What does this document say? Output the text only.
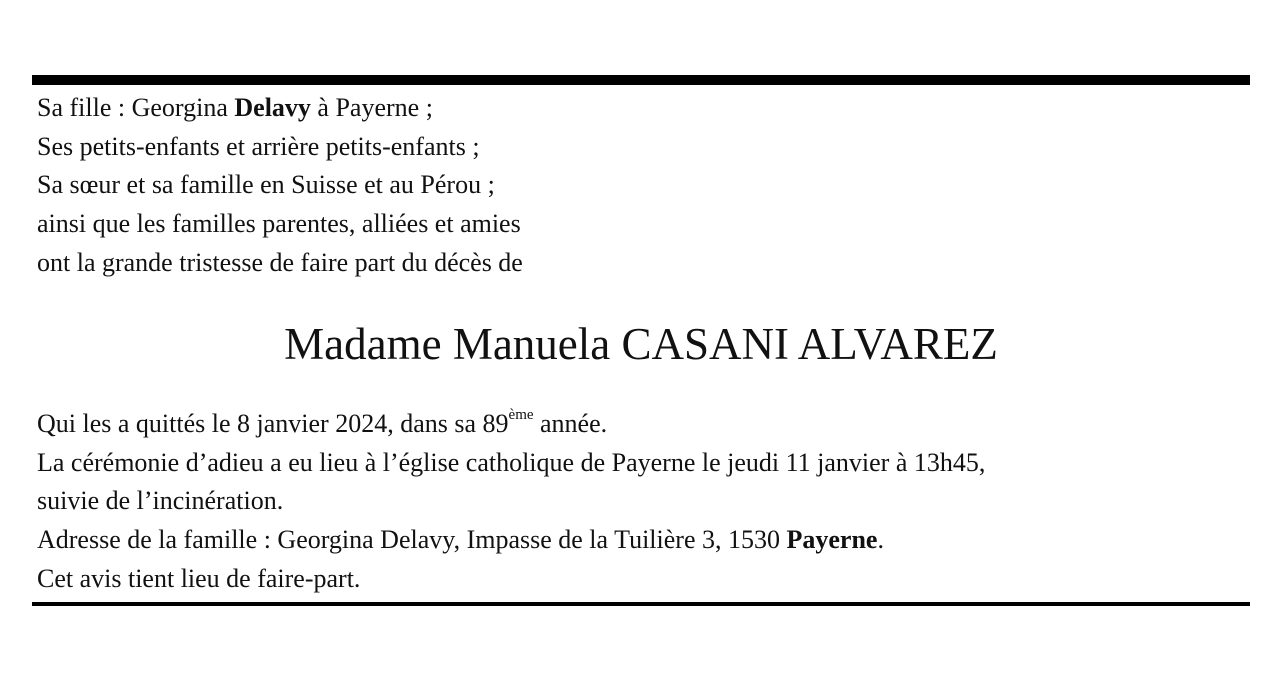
Sa fille : Georgina Delavy à Payerne ;
Ses petits-enfants et arrière petits-enfants ;
Sa sœur et sa famille en Suisse et au Pérou ;
ainsi que les familles parentes, alliées et amies
ont la grande tristesse de faire part du décès de
Madame Manuela CASANI ALVAREZ
Qui les a quittés le 8 janvier 2024, dans sa 89ème année.
La cérémonie d’adieu a eu lieu à l’église catholique de Payerne le jeudi 11 janvier à 13h45,
suivie de l’incinération.
Adresse de la famille : Georgina Delavy, Impasse de la Tuilière 3, 1530 Payerne.
Cet avis tient lieu de faire-part.
